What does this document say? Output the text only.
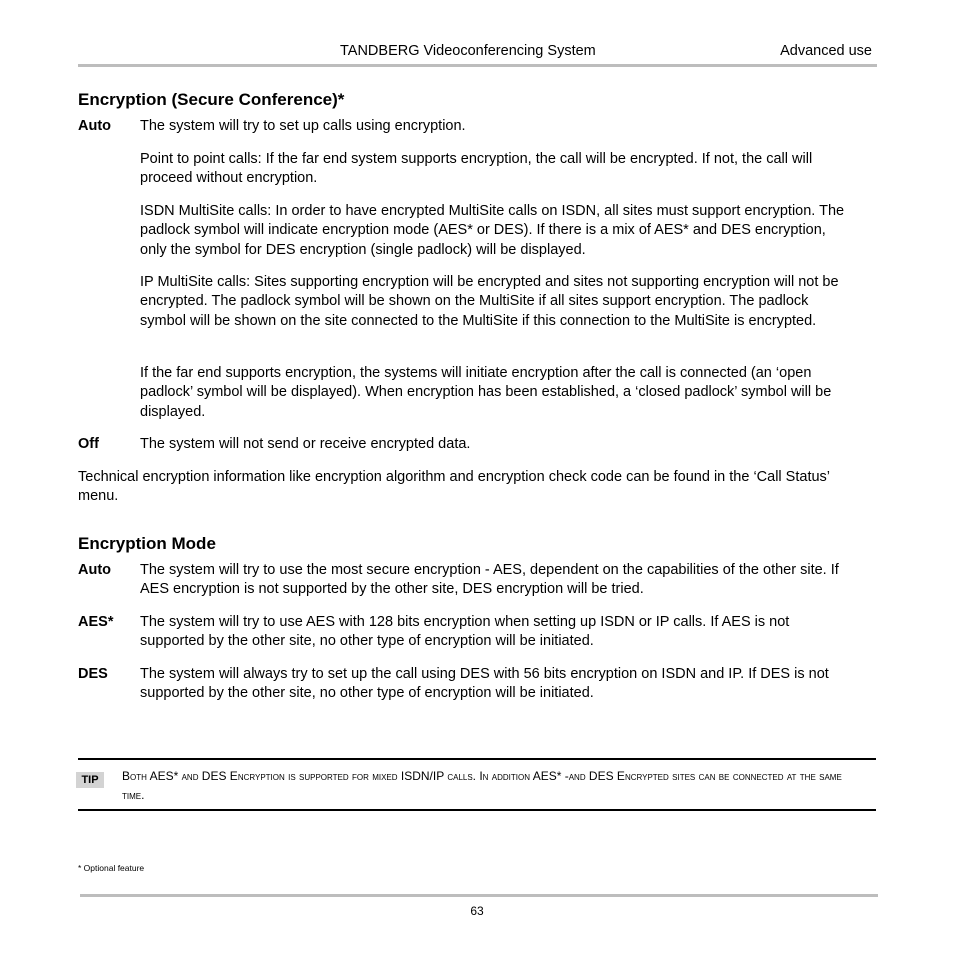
TANDBERG Videoconferencing System	Advanced use
Encryption (Secure Conference)*
Auto The system will try to set up calls using encryption.
Point to point calls: If the far end system supports encryption, the call will be encrypted. If not, the call will proceed without encryption.
ISDN MultiSite calls: In order to have encrypted MultiSite calls on ISDN, all sites must support encryption. The padlock symbol will indicate encryption mode (AES* or DES). If there is a mix of AES* and DES encryption, only the symbol for DES encryption (single padlock) will be displayed.
IP MultiSite calls: Sites supporting encryption will be encrypted and sites not supporting encryption will not be encrypted. The padlock symbol will be shown on the MultiSite if all sites support encryption. The padlock symbol will be shown on the site connected to the MultiSite if this connection to the MultiSite is encrypted.
If the far end supports encryption, the systems will initiate encryption after the call is connected (an ‘open padlock’ symbol will be displayed). When encryption has been established, a ‘closed padlock’ symbol will be displayed.
Off	The system will not send or receive encrypted data.
Technical encryption information like encryption algorithm and encryption check code can be found in the ‘Call Status’ menu.
Encryption Mode
Auto The system will try to use the most secure encryption - AES, dependent on the capabilities of the other site. If AES encryption is not supported by the other site, DES encryption will be tried.
AES* The system will try to use AES with 128 bits encryption when setting up ISDN or IP calls. If AES is not supported by the other site, no other type of encryption will be initiated.
DES The system will always try to set up the call using DES with 56 bits encryption on ISDN and IP. If DES is not supported by the other site, no other type of encryption will be initiated.
TIP	Both AES* and DES Encryption is supported for mixed ISDN/IP calls. In addition AES* -and DES Encrypted sites can be connected at the same time.
* Optional feature
63
